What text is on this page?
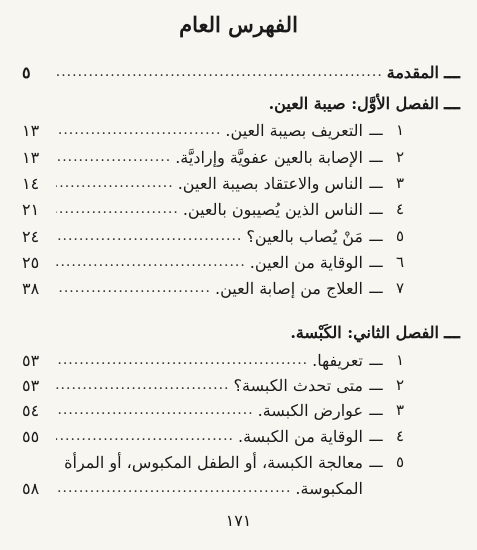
الفهرس العام
ـــ
المقدمة
.....
٥
ـــ
الفصل الأوَّل: صيبة العين.
١
ـــ
التعريف بصيبة العين.
.....
١٣
٢
ـــ
الإصابة بالعين عفويَّة وإراديَّة.
.....
١٣
٣
ـــ
الناس والاعتقاد بصيبة العين.
.....
١٤
٤
ـــ
الناس الذين يُصيبون بالعين.
.....
٢١
٥
ـــ
مَنْ يُصاب بالعين؟
.....
٢٤
٦
ـــ
الوقاية من العين.
.....
٢٥
٧
ـــ
العلاج من إصابة العين.
.....
٣٨
ـــ
الفصل الثاني: الكَبْسة.
١
ـــ
تعريفها.
.....
٥٣
٢
ـــ
متى تحدث الكبسة؟
.....
٥٣
٣
ـــ
عوارض الكبسة.
.....
٥٤
٤
ـــ
الوقاية من الكبسة.
.....
٥٥
٥
ـــ
معالجة الكبسة، أو الطفل المكبوس، أو المرأة
المكبوسة.
.....
٥٨
١٧١
